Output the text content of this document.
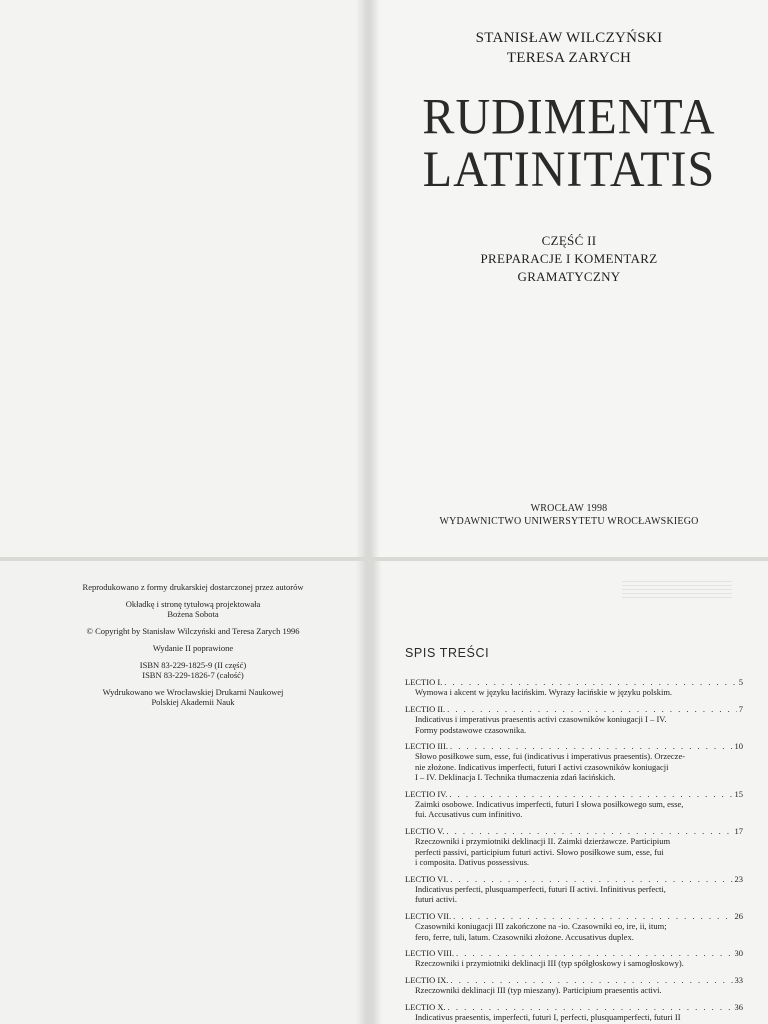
STANISŁAW WILCZYŃSKI
TERESA ZARYCH
RUDIMENTA
LATINITATIS
CZĘŚĆ II
PREPARACJE I KOMENTARZ
GRAMATYCZNY
WROCŁAW 1998
WYDAWNICTWO UNIWERSYTETU WROCŁAWSKIEGO
Reprodukowano z formy drukarskiej dostarczonej przez autorów
Okładkę i stronę tytułową projektowała
Bożena Sobota
© Copyright by Stanisław Wilczyński and Teresa Zarych 1996
Wydanie II poprawione
ISBN 83-229-1825-9 (II część)
ISBN 83-229-1826-7 (całość)
Wydrukowano we Wrocławskiej Drukarni Naukowej
Polskiej Akademii Nauk
SPIS TREŚCI
LECTIO I. . . .	5
Wymowa i akcent w języku łacińskim. Wyrazy łacińskie w języku polskim.
LECTIO II. . . .	7
Indicativus i imperativus praesentis activi czasowników koniugacji I – IV.
Formy podstawowe czasownika.
LECTIO III. . . .	10
Słowo posiłkowe sum, esse, fui (indicativus i imperativus praesentis). Orzecze-
nie złożone. Indicativus imperfecti, futuri I activi czasowników koniugacji
I – IV. Deklinacja I. Technika tłumaczenia zdań łacińskich.
LECTIO IV. . . .	15
Zaimki osobowe. Indicativus imperfecti, futuri I słowa posiłkowego sum, esse,
fui. Accusativus cum infinitivo.
LECTIO V. . . .	17
Rzeczowniki i przymiotniki deklinacji II. Zaimki dzierżawcze. Participium
perfecti passivi, participium futuri activi. Słowo posiłkowe sum, esse, fui
i composita. Dativus possessivus.
LECTIO VI. . . .	23
Indicativus perfecti, plusquamperfecti, futuri II activi. Infinitivus perfecti,
futuri activi.
LECTIO VII. . . .	26
Czasowniki koniugacji III zakończone na -io. Czasowniki eo, ire, ii, itum;
fero, ferre, tuli, latum. Czasowniki złożone. Accusativus duplex.
LECTIO VIII. . . .	30
Rzeczowniki i przymiotniki deklinacji III (typ spółgłoskowy i samogłoskowy).
LECTIO IX. . . .	33
Rzeczowniki deklinacji III (typ mieszany). Participium praesentis activi.
LECTIO X. . . .	36
Indicativus praesentis, imperfecti, futuri I, perfecti, plusquamperfecti, futuri II
